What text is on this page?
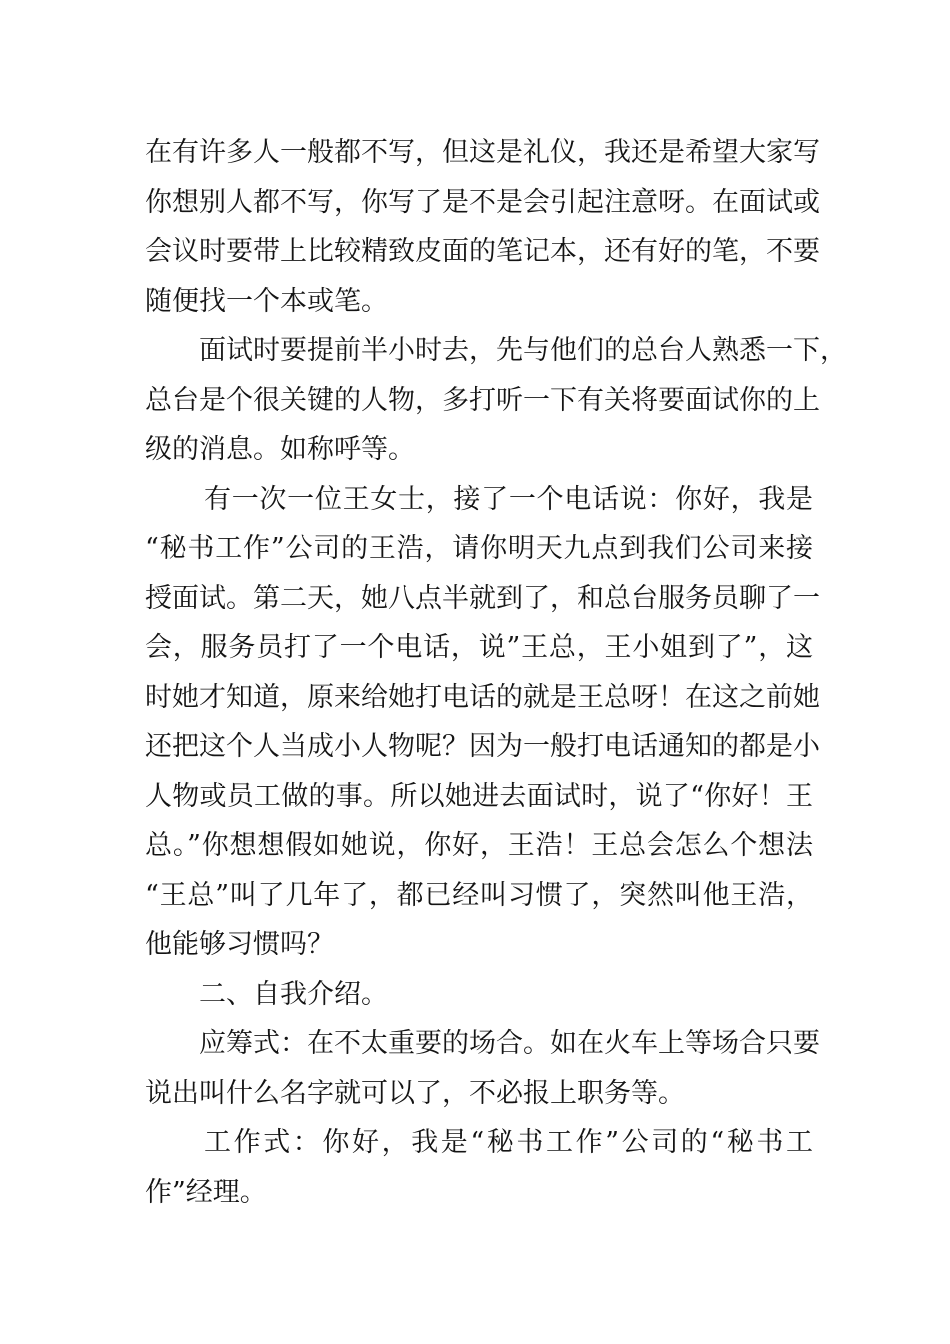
在有许多人一般都不写，但这是礼仪，我还是希望大家写
你想别人都不写，你写了是不是会引起注意呀。在面试或
会议时要带上比较精致皮面的笔记本，还有好的笔，不要
随便找一个本或笔。
面试时要提前半小时去，先与他们的总台人熟悉一下，
总台是个很关键的人物，多打听一下有关将要面试你的上
级的消息。如称呼等。
有一次一位王女士，接了一个电话说：你好，我是
“秘书工作”公司的王浩，请你明天九点到我们公司来接
授面试。第二天，她八点半就到了，和总台服务员聊了一
会，服务员打了一个电话，说”王总，王小姐到了”，这
时她才知道，原来给她打电话的就是王总呀！在这之前她
还把这个人当成小人物呢？因为一般打电话通知的都是小
人物或员工做的事。所以她进去面试时，说了“你好！王
总。”你想想假如她说，你好，王浩！王总会怎么个想法
“王总”叫了几年了，都已经叫习惯了，突然叫他王浩，
他能够习惯吗？
二、自我介绍。
应筹式：在不太重要的场合。如在火车上等场合只要
说出叫什么名字就可以了，不必报上职务等。
工作式：你好，我是“秘书工作”公司的“秘书工
作”经理。
